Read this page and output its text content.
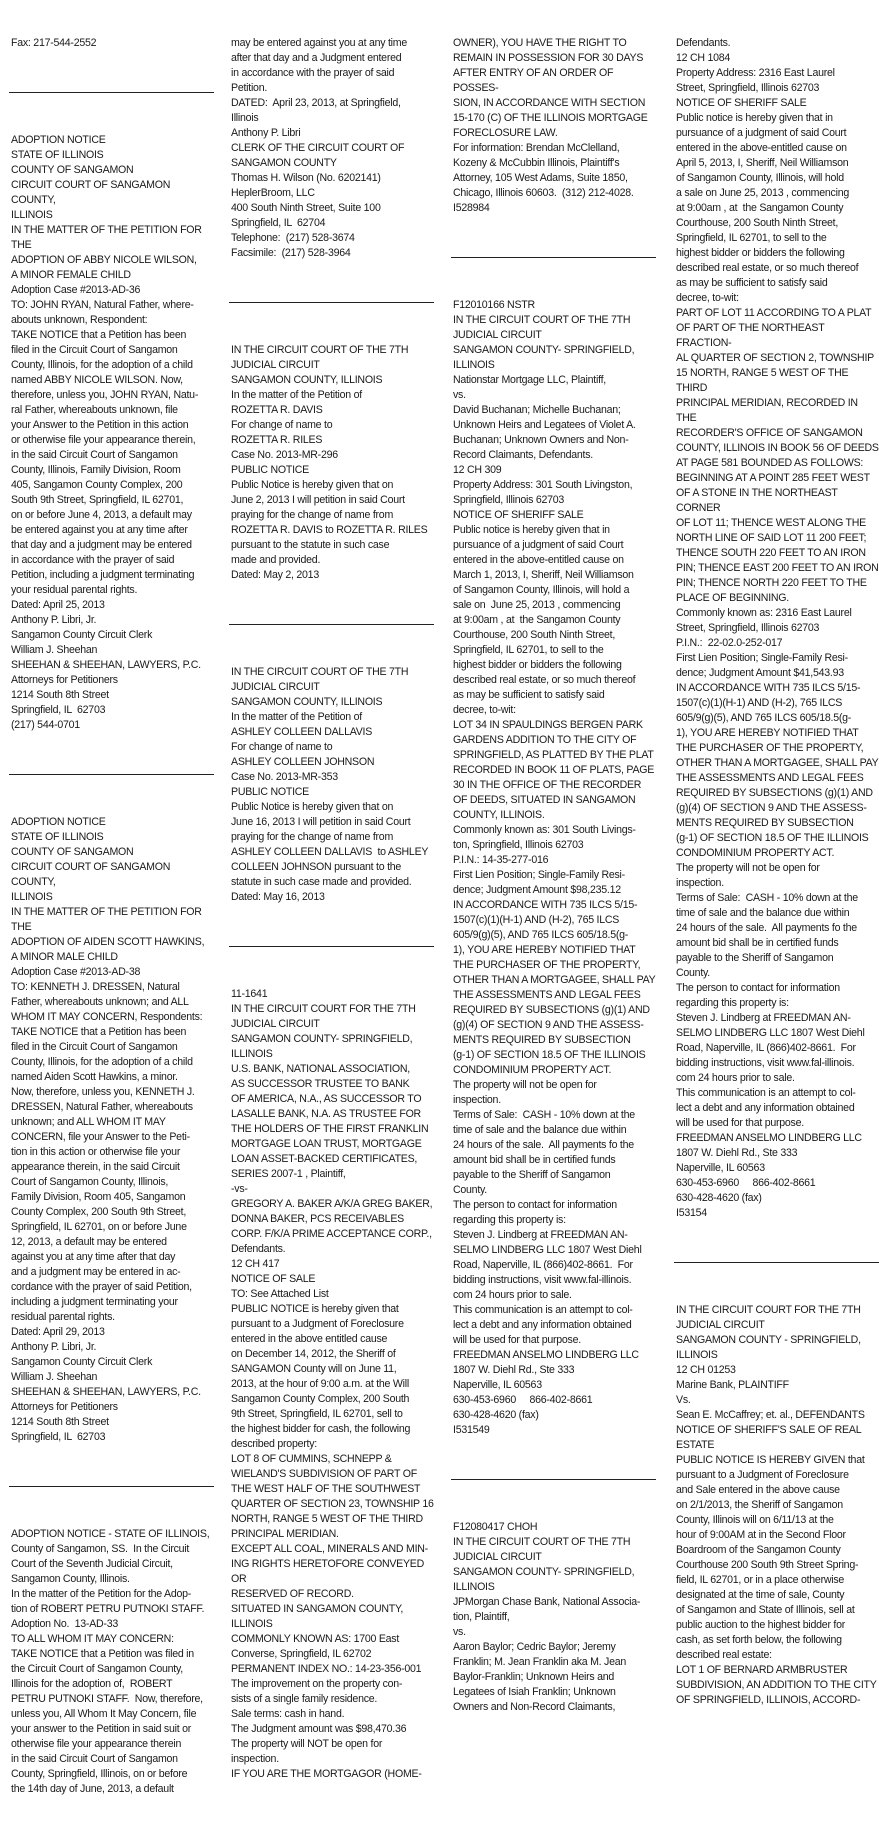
Fax: 217-544-2552

ADOPTION NOTICE
STATE OF ILLINOIS
COUNTY OF SANGAMON
CIRCUIT COURT OF SANGAMON COUNTY,
ILLINOIS
IN THE MATTER OF THE PETITION FOR
THE
ADOPTION OF ABBY NICOLE WILSON,
A MINOR FEMALE CHILD
Adoption Case #2013-AD-36
TO: JOHN RYAN, Natural Father, where-
abouts unknown, Respondent:
TAKE NOTICE that a Petition has been
filed in the Circuit Court of Sangamon
County, Illinois, for the adoption of a child
named ABBY NICOLE WILSON. Now,
therefore, unless you, JOHN RYAN, Natu-
ral Father, whereabouts unknown, file
your Answer to the Petition in this action
or otherwise file your appearance therein,
in the said Circuit Court of Sangamon
County, Illinois, Family Division, Room
405, Sangamon County Complex, 200
South 9th Street, Springfield, IL 62701,
on or before June 4, 2013, a default may
be entered against you at any time after
that day and a judgment may be entered
in accordance with the prayer of said
Petition, including a judgment terminating
your residual parental rights.
Dated: April 25, 2013
Anthony P. Libri, Jr.
Sangamon County Circuit Clerk
William J. Sheehan
SHEEHAN & SHEEHAN, LAWYERS, P.C.
Attorneys for Petitioners
1214 South 8th Street
Springfield, IL  62703
(217) 544-0701

ADOPTION NOTICE
STATE OF ILLINOIS
COUNTY OF SANGAMON
CIRCUIT COURT OF SANGAMON COUNTY,
ILLINOIS
IN THE MATTER OF THE PETITION FOR
THE
ADOPTION OF AIDEN SCOTT HAWKINS,
A MINOR MALE CHILD
Adoption Case #2013-AD-38
TO: KENNETH J. DRESSEN, Natural
Father, whereabouts unknown; and ALL
WHOM IT MAY CONCERN, Respondents:
TAKE NOTICE that a Petition has been
filed in the Circuit Court of Sangamon
County, Illinois, for the adoption of a child
named Aiden Scott Hawkins, a minor.
Now, therefore, unless you, KENNETH J.
DRESSEN, Natural Father, whereabouts
unknown; and ALL WHOM IT MAY
CONCERN, file your Answer to the Peti-
tion in this action or otherwise file your
appearance therein, in the said Circuit
Court of Sangamon County, Illinois,
Family Division, Room 405, Sangamon
County Complex, 200 South 9th Street,
Springfield, IL 62701, on or before June
12, 2013, a default may be entered
against you at any time after that day
and a judgment may be entered in ac-
cordance with the prayer of said Petition,
including a judgment terminating your
residual parental rights.
Dated: April 29, 2013
Anthony P. Libri, Jr.
Sangamon County Circuit Clerk
William J. Sheehan
SHEEHAN & SHEEHAN, LAWYERS, P.C.
Attorneys for Petitioners
1214 South 8th Street
Springfield, IL  62703

ADOPTION NOTICE - STATE OF ILLINOIS,
County of Sangamon, SS.  In the Circuit
Court of the Seventh Judicial Circuit,
Sangamon County, Illinois.
In the matter of the Petition for the Adop-
tion of ROBERT PETRU PUTNOKI STAFF.
Adoption No.  13-AD-33
TO ALL WHOM IT MAY CONCERN:
TAKE NOTICE that a Petition was filed in
the Circuit Court of Sangamon County,
Illinois for the adoption of,  ROBERT
PETRU PUTNOKI STAFF.  Now, therefore,
unless you, All Whom It May Concern, file
your answer to the Petition in said suit or
otherwise file your appearance therein
in the said Circuit Court of Sangamon
County, Springfield, Illinois, on or before
the 14th day of June, 2013, a default

may be entered against you at any time
after that day and a Judgment entered
in accordance with the prayer of said
Petition.
DATED:  April 23, 2013, at Springfield,
Illinois
Anthony P. Libri
CLERK OF THE CIRCUIT COURT OF
SANGAMON COUNTY
Thomas H. Wilson (No. 6202141)
HeplerBroom, LLC
400 South Ninth Street, Suite 100
Springfield, IL  62704
Telephone:  (217) 528-3674
Facsimile:  (217) 528-3964

IN THE CIRCUIT COURT OF THE 7TH
JUDICIAL CIRCUIT
SANGAMON COUNTY, ILLINOIS
In the matter of the Petition of
ROZETTA R. DAVIS
For change of name to
ROZETTA R. RILES
Case No. 2013-MR-296
PUBLIC NOTICE
Public Notice is hereby given that on
June 2, 2013 I will petition in said Court
praying for the change of name from
ROZETTA R. DAVIS to ROZETTA R. RILES
pursuant to the statute in such case
made and provided.
Dated: May 2, 2013

IN THE CIRCUIT COURT OF THE 7TH
JUDICIAL CIRCUIT
SANGAMON COUNTY, ILLINOIS
In the matter of the Petition of
ASHLEY COLLEEN DALLAVIS
For change of name to
ASHLEY COLLEEN JOHNSON
Case No. 2013-MR-353
PUBLIC NOTICE
Public Notice is hereby given that on
June 16, 2013 I will petition in said Court
praying for the change of name from
ASHLEY COLLEEN DALLAVIS  to ASHLEY
COLLEEN JOHNSON pursuant to the
statute in such case made and provided.
Dated: May 16, 2013

11-1641
IN THE CIRCUIT COURT FOR THE 7TH
JUDICIAL CIRCUIT
SANGAMON COUNTY- SPRINGFIELD,
ILLINOIS
U.S. BANK, NATIONAL ASSOCIATION,
AS SUCCESSOR TRUSTEE TO BANK
OF AMERICA, N.A., AS SUCCESSOR TO
LASALLE BANK, N.A. AS TRUSTEE FOR
THE HOLDERS OF THE FIRST FRANKLIN
MORTGAGE LOAN TRUST, MORTGAGE
LOAN ASSET-BACKED CERTIFICATES,
SERIES 2007-1 , Plaintiff,
-vs-
GREGORY A. BAKER A/K/A GREG BAKER,
DONNA BAKER, PCS RECEIVABLES
CORP. F/K/A PRIME ACCEPTANCE CORP.,
Defendants.
12 CH 417
NOTICE OF SALE
TO: See Attached List
PUBLIC NOTICE is hereby given that
pursuant to a Judgment of Foreclosure
entered in the above entitled cause
on December 14, 2012, the Sheriff of
SANGAMON County will on June 11,
2013, at the hour of 9:00 a.m. at the Will
Sangamon County Complex, 200 South
9th Street, Springfield, IL 62701, sell to
the highest bidder for cash, the following
described property:
LOT 8 OF CUMMINS, SCHNEPP &
WIELAND'S SUBDIVISION OF PART OF
THE WEST HALF OF THE SOUTHWEST
QUARTER OF SECTION 23, TOWNSHIP 16
NORTH, RANGE 5 WEST OF THE THIRD
PRINCIPAL MERIDIAN.
EXCEPT ALL COAL, MINERALS AND MIN-
ING RIGHTS HERETOFORE CONVEYED OR
RESERVED OF RECORD.
SITUATED IN SANGAMON COUNTY,
ILLINOIS
COMMONLY KNOWN AS: 1700 East
Converse, Springfield, IL 62702
PERMANENT INDEX NO.: 14-23-356-001
The improvement on the property con-
sists of a single family residence.
Sale terms: cash in hand.
The Judgment amount was $98,470.36
The property will NOT be open for
inspection.
IF YOU ARE THE MORTGAGOR (HOME-

OWNER), YOU HAVE THE RIGHT TO
REMAIN IN POSSESSION FOR 30 DAYS
AFTER ENTRY OF AN ORDER OF POSSES-
SION, IN ACCORDANCE WITH SECTION
15-170 (C) OF THE ILLINOIS MORTGAGE
FORECLOSURE LAW.
For information: Brendan McClelland,
Kozeny & McCubbin Illinois, Plaintiff's
Attorney, 105 West Adams, Suite 1850,
Chicago, Illinois 60603.  (312) 212-4028.
I528984

F12010166 NSTR
IN THE CIRCUIT COURT OF THE 7TH
JUDICIAL CIRCUIT
SANGAMON COUNTY- SPRINGFIELD,
ILLINOIS
Nationstar Mortgage LLC, Plaintiff,
vs.
David Buchanan; Michelle Buchanan;
Unknown Heirs and Legatees of Violet A.
Buchanan; Unknown Owners and Non-
Record Claimants, Defendants.
12 CH 309
Property Address: 301 South Livingston,
Springfield, Illinois 62703
NOTICE OF SHERIFF SALE
Public notice is hereby given that in
pursuance of a judgment of said Court
entered in the above-entitled cause on
March 1, 2013, I, Sheriff, Neil Williamson
of Sangamon County, Illinois, will hold a
sale on  June 25, 2013 , commencing
at 9:00am , at  the Sangamon County
Courthouse, 200 South Ninth Street,
Springfield, IL 62701, to sell to the
highest bidder or bidders the following
described real estate, or so much thereof
as may be sufficient to satisfy said
decree, to-wit:
LOT 34 IN SPAULDINGS BERGEN PARK
GARDENS ADDITION TO THE CITY OF
SPRINGFIELD, AS PLATTED BY THE PLAT
RECORDED IN BOOK 11 OF PLATS, PAGE
30 IN THE OFFICE OF THE RECORDER
OF DEEDS, SITUATED IN SANGAMON
COUNTY, ILLINOIS.
Commonly known as: 301 South Livings-
ton, Springfield, Illinois 62703
P.I.N.: 14-35-277-016
First Lien Position; Single-Family Resi-
dence; Judgment Amount $98,235.12
IN ACCORDANCE WITH 735 ILCS 5/15-
1507(c)(1)(H-1) AND (H-2), 765 ILCS
605/9(g)(5), AND 765 ILCS 605/18.5(g-
1), YOU ARE HEREBY NOTIFIED THAT
THE PURCHASER OF THE PROPERTY,
OTHER THAN A MORTGAGEE, SHALL PAY
THE ASSESSMENTS AND LEGAL FEES
REQUIRED BY SUBSECTIONS (g)(1) AND
(g)(4) OF SECTION 9 AND THE ASSESS-
MENTS REQUIRED BY SUBSECTION
(g-1) OF SECTION 18.5 OF THE ILLINOIS
CONDOMINIUM PROPERTY ACT.
The property will not be open for
inspection.
Terms of Sale:  CASH - 10% down at the
time of sale and the balance due within
24 hours of the sale.  All payments fo the
amount bid shall be in certified funds
payable to the Sheriff of Sangamon
County.
The person to contact for information
regarding this property is:
Steven J. Lindberg at FREEDMAN AN-
SELMO LINDBERG LLC 1807 West Diehl
Road, Naperville, IL (866)402-8661.  For
bidding instructions, visit www.fal-illinois.
com 24 hours prior to sale.
This communication is an attempt to col-
lect a debt and any information obtained
will be used for that purpose.
FREEDMAN ANSELMO LINDBERG LLC
1807 W. Diehl Rd., Ste 333
Naperville, IL 60563
630-453-6960     866-402-8661
630-428-4620 (fax)
I531549

F12080417 CHOH
IN THE CIRCUIT COURT OF THE 7TH
JUDICIAL CIRCUIT
SANGAMON COUNTY- SPRINGFIELD,
ILLINOIS
JPMorgan Chase Bank, National Associa-
tion, Plaintiff,
vs.
Aaron Baylor; Cedric Baylor; Jeremy
Franklin; M. Jean Franklin aka M. Jean
Baylor-Franklin; Unknown Heirs and
Legatees of Isiah Franklin; Unknown
Owners and Non-Record Claimants,

Defendants.
12 CH 1084
Property Address: 2316 East Laurel
Street, Springfield, Illinois 62703
NOTICE OF SHERIFF SALE
Public notice is hereby given that in
pursuance of a judgment of said Court
entered in the above-entitled cause on
April 5, 2013, I, Sheriff, Neil Williamson
of Sangamon County, Illinois, will hold
a sale on June 25, 2013 , commencing
at 9:00am , at  the Sangamon County
Courthouse, 200 South Ninth Street,
Springfield, IL 62701, to sell to the
highest bidder or bidders the following
described real estate, or so much thereof
as may be sufficient to satisfy said
decree, to-wit:
PART OF LOT 11 ACCORDING TO A PLAT
OF PART OF THE NORTHEAST FRACTION-
AL QUARTER OF SECTION 2, TOWNSHIP
15 NORTH, RANGE 5 WEST OF THE THIRD
PRINCIPAL MERIDIAN, RECORDED IN THE
RECORDER'S OFFICE OF SANGAMON
COUNTY, ILLINOIS IN BOOK 56 OF DEEDS
AT PAGE 581 BOUNDED AS FOLLOWS:
BEGINNING AT A POINT 285 FEET WEST
OF A STONE IN THE NORTHEAST CORNER
OF LOT 11; THENCE WEST ALONG THE
NORTH LINE OF SAID LOT 11 200 FEET;
THENCE SOUTH 220 FEET TO AN IRON
PIN; THENCE EAST 200 FEET TO AN IRON
PIN; THENCE NORTH 220 FEET TO THE
PLACE OF BEGINNING.
Commonly known as: 2316 East Laurel
Street, Springfield, Illinois 62703
P.I.N.:  22-02.0-252-017
First Lien Position; Single-Family Resi-
dence; Judgment Amount $41,543.93
IN ACCORDANCE WITH 735 ILCS 5/15-
1507(c)(1)(H-1) AND (H-2), 765 ILCS
605/9(g)(5), AND 765 ILCS 605/18.5(g-
1), YOU ARE HEREBY NOTIFIED THAT
THE PURCHASER OF THE PROPERTY,
OTHER THAN A MORTGAGEE, SHALL PAY
THE ASSESSMENTS AND LEGAL FEES
REQUIRED BY SUBSECTIONS (g)(1) AND
(g)(4) OF SECTION 9 AND THE ASSESS-
MENTS REQUIRED BY SUBSECTION
(g-1) OF SECTION 18.5 OF THE ILLINOIS
CONDOMINIUM PROPERTY ACT.
The property will not be open for
inspection.
Terms of Sale:  CASH - 10% down at the
time of sale and the balance due within
24 hours of the sale.  All payments fo the
amount bid shall be in certified funds
payable to the Sheriff of Sangamon
County.
The person to contact for information
regarding this property is:
Steven J. Lindberg at FREEDMAN AN-
SELMO LINDBERG LLC 1807 West Diehl
Road, Naperville, IL (866)402-8661.  For
bidding instructions, visit www.fal-illinois.
com 24 hours prior to sale.
This communication is an attempt to col-
lect a debt and any information obtained
will be used for that purpose.
FREEDMAN ANSELMO LINDBERG LLC
1807 W. Diehl Rd., Ste 333
Naperville, IL 60563
630-453-6960     866-402-8661
630-428-4620 (fax)
I53154

IN THE CIRCUIT COURT FOR THE 7TH
JUDICIAL CIRCUIT
SANGAMON COUNTY - SPRINGFIELD,
ILLINOIS
12 CH 01253
Marine Bank, PLAINTIFF
Vs.
Sean E. McCaffrey; et. al., DEFENDANTS
NOTICE OF SHERIFF'S SALE OF REAL
ESTATE
PUBLIC NOTICE IS HEREBY GIVEN that
pursuant to a Judgment of Foreclosure
and Sale entered in the above cause
on 2/1/2013, the Sheriff of Sangamon
County, Illinois will on 6/11/13 at the
hour of 9:00AM at in the Second Floor
Boardroom of the Sangamon County
Courthouse 200 South 9th Street Spring-
field, IL 62701, or in a place otherwise
designated at the time of sale, County
of Sangamon and State of Illinois, sell at
public auction to the highest bidder for
cash, as set forth below, the following
described real estate:
LOT 1 OF BERNARD ARMBRUSTER
SUBDIVISION, AN ADDITION TO THE CITY
OF SPRINGFIELD, ILLINOIS, ACCORD-
